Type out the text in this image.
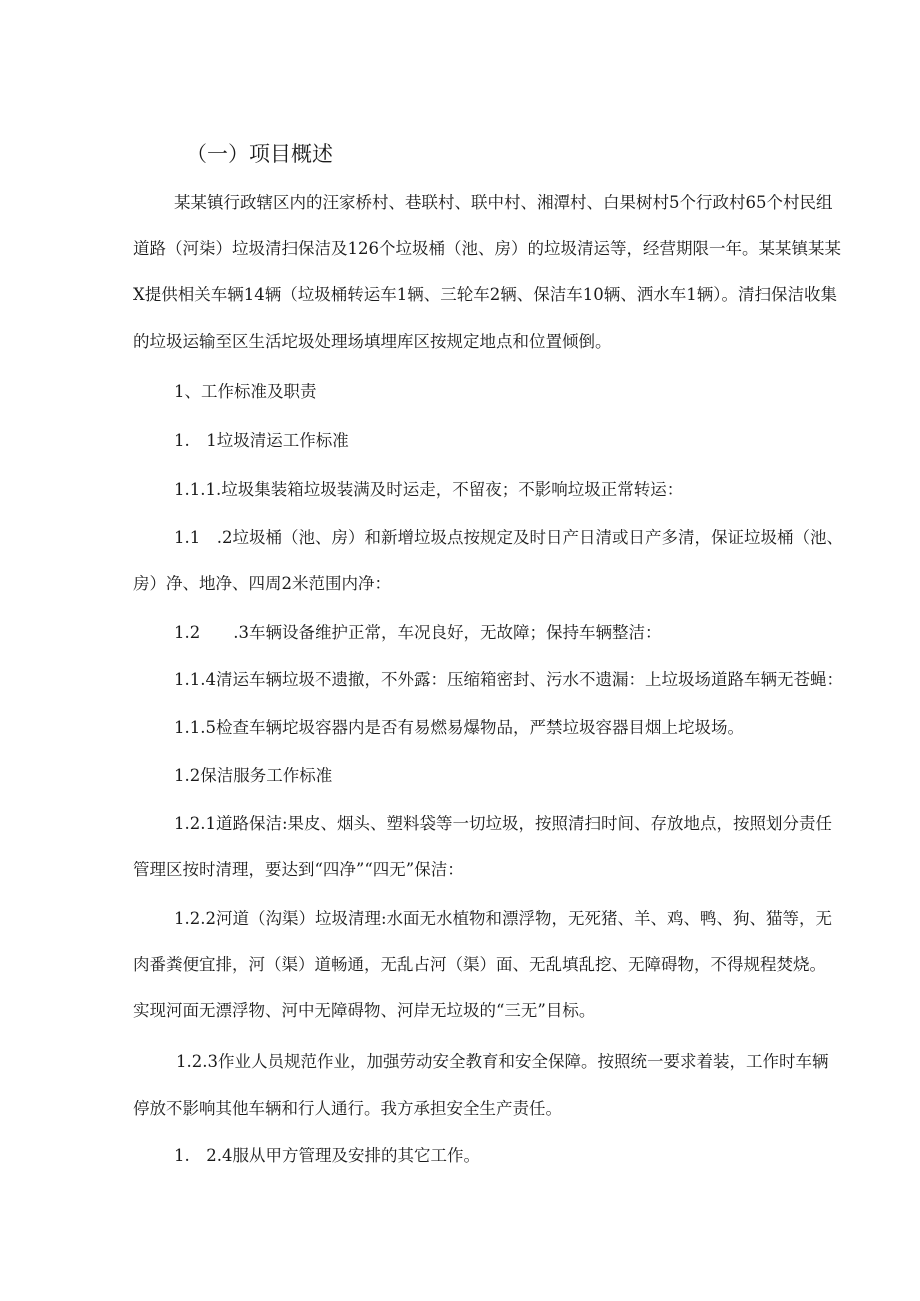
（一）项目概述
某某镇行政辖区内的汪家桥村、巷联村、联中村、湘潭村、白果树村5个行政村65个村民组
道路（河柒）垃圾清扫保洁及126个垃圾桶（池、房）的垃圾清运等，经营期限一年。某某镇某某
X提供相关车辆14辆（垃圾桶转运车1辆、三轮车2辆、保洁车10辆、洒水车1辆）。清扫保洁收集
的垃圾运输至区生活坨圾处理场填埋库区按规定地点和位置倾倒。
1、工作标准及职责
1.　1垃圾清运工作标准
1.1.1.垃圾集装箱垃圾装满及时运走，不留夜；不影响垃圾正常转运：
1.1　.2垃圾桶（池、房）和新增垃圾点按规定及时日产日清或日产多清，保证垃圾桶（池、
房）净、地净、四周2米范围内净：
1.2　　.3车辆设备维护正常，车况良好，无故障；保持车辆整洁：
1.1.4清运车辆垃圾不遗撤，不外露：压缩箱密封、污水不遗漏：上垃圾场道路车辆无苍蝇：
1.1.5检查车辆坨圾容器内是否有易燃易爆物品，严禁垃圾容器目烟上坨圾场。
1.2保洁服务工作标准
1.2.1道路保洁:果皮、烟头、塑料袋等一切垃圾，按照清扫时间、存放地点，按照划分责任
管理区按时清理，要达到“四净”“四无”保洁：
1.2.2河道（沟渠）垃圾清理:水面无水植物和漂浮物，无死猪、羊、鸡、鸭、狗、猫等，无
肉番粪便宜排，河（渠）道畅通，无乱占河（渠）面、无乱填乱挖、无障碍物，不得规程焚烧。
实现河面无漂浮物、河中无障碍物、河岸无垃圾的“三无”目标。
1.2.3作业人员规范作业，加强劳动安全教育和安全保障。按照统一要求着装，工作时车辆
停放不影响其他车辆和行人通行。我方承担安全生产责任。
1.　2.4服从甲方管理及安排的其它工作。
